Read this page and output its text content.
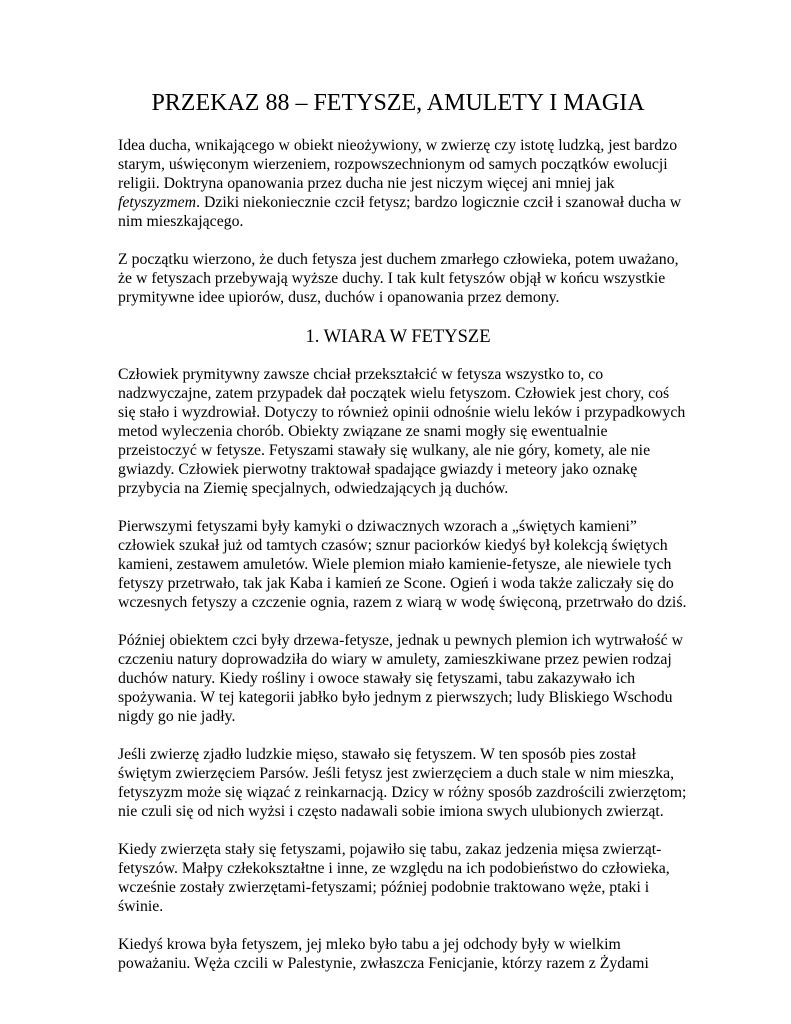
PRZEKAZ 88 – FETYSZE, AMULETY I MAGIA

Idea ducha, wnikającego w obiekt nieożywiony, w zwierzę czy istotę ludzką, jest bardzo
starym, uświęconym wierzeniem, rozpowszechnionym od samych początków ewolucji
religii. Doktryna opanowania przez ducha nie jest niczym więcej ani mniej jak
fetyszyzmem. Dziki niekoniecznie czcił fetysz; bardzo logicznie czcił i szanował ducha w
nim mieszkającego.

Z początku wierzono, że duch fetysza jest duchem zmarłego człowieka, potem uważano,
że w fetyszach przebywają wyższe duchy. I tak kult fetyszów objął w końcu wszystkie
prymitywne idee upiorów, dusz, duchów i opanowania przez demony.

1. WIARA W FETYSZE

Człowiek prymitywny zawsze chciał przekształcić w fetysza wszystko to, co
nadzwyczajne, zatem przypadek dał początek wielu fetyszom. Człowiek jest chory, coś
się stało i wyzdrowiał. Dotyczy to również opinii odnośnie wielu leków i przypadkowych
metod wyleczenia chorób. Obiekty związane ze snami mogły się ewentualnie
przeistoczyć w fetysze. Fetyszami stawały się wulkany, ale nie góry, komety, ale nie
gwiazdy. Człowiek pierwotny traktował spadające gwiazdy i meteory jako oznakę
przybycia na Ziemię specjalnych, odwiedzających ją duchów.

Pierwszymi fetyszami były kamyki o dziwacznych wzorach a „świętych kamieni”
człowiek szukał już od tamtych czasów; sznur paciorków kiedyś był kolekcją świętych
kamieni, zestawem amuletów. Wiele plemion miało kamienie-fetysze, ale niewiele tych
fetyszy przetrwało, tak jak Kaba i kamień ze Scone. Ogień i woda także zaliczały się do
wczesnych fetyszy a czczenie ognia, razem z wiarą w wodę święconą, przetrwało do dziś.

Później obiektem czci były drzewa-fetysze, jednak u pewnych plemion ich wytrwałość w
czczeniu natury doprowadziła do wiary w amulety, zamieszkiwane przez pewien rodzaj
duchów natury. Kiedy rośliny i owoce stawały się fetyszami, tabu zakazywało ich
spożywania. W tej kategorii jabłko było jednym z pierwszych; ludy Bliskiego Wschodu
nigdy go nie jadły.

Jeśli zwierzę zjadło ludzkie mięso, stawało się fetyszem. W ten sposób pies został
świętym zwierzęciem Parsów. Jeśli fetysz jest zwierzęciem a duch stale w nim mieszka,
fetyszyzm może się wiązać z reinkarnacją. Dzicy w różny sposób zazdrościli zwierzętom;
nie czuli się od nich wyżsi i często nadawali sobie imiona swych ulubionych zwierząt.

Kiedy zwierzęta stały się fetyszami, pojawiło się tabu, zakaz jedzenia mięsa zwierząt-
fetyszów. Małpy człekokształtne i inne, ze względu na ich podobieństwo do człowieka,
wcześnie zostały zwierzętami-fetyszami; później podobnie traktowano węże, ptaki i
świnie.

Kiedyś krowa była fetyszem, jej mleko było tabu a jej odchody były w wielkim
poważaniu. Węża czcili w Palestynie, zwłaszcza Fenicjanie, którzy razem z Żydami
